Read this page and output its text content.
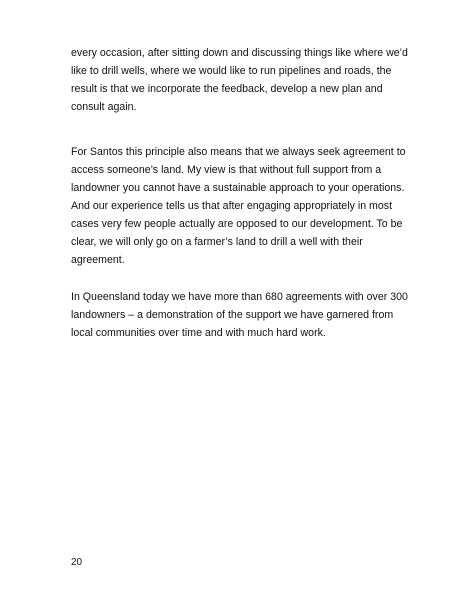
every occasion, after sitting down and discussing things like where we’d
like to drill wells, where we would like to run pipelines and roads, the
result is that we incorporate the feedback, develop a new plan and
consult again.

For Santos this principle also means that we always seek agreement to
access someone’s land. My view is that without full support from a
landowner you cannot have a sustainable approach to your operations.
And our experience tells us that after engaging appropriately in most
cases very few people actually are opposed to our development. To be
clear, we will only go on a farmer’s land to drill a well with their
agreement.

In Queensland today we have more than 680 agreements with over 300
landowners – a demonstration of the support we have garnered from
local communities over time and with much hard work.

20
